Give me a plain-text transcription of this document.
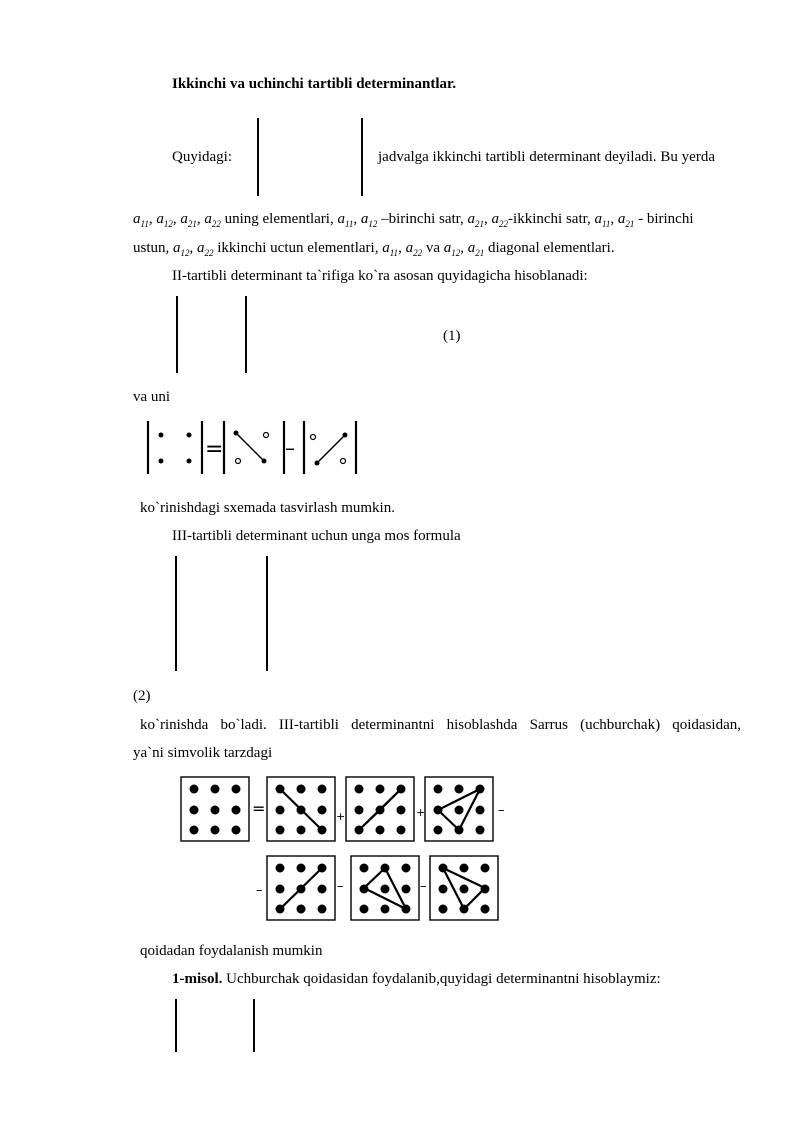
Ikkinchi va uchinchi tartibli determinantlar.
Quyidagi:	jadvalga ikkinchi tartibli determinant deyiladi. Bu yerda
$a_{11}$, $a_{12}$, $a_{21}$, $a_{22}$ uning elementlari, $a_{11}$, $a_{12}$ –birinchi satr, $a_{21}$, $a_{22}$-ikkinchi satr, $a_{11}$, $a_{21}$ - birinchi
ustun, $a_{12}$, $a_{22}$ ikkinchi uctun elementlari, $a_{11}$, $a_{22}$ va $a_{12}$, $a_{21}$ diagonal elementlari.
II-tartibli determinant ta`rifiga ko`ra asosan quyidagicha hisoblanadi:
(1)
va uni
=	–
ko`rinishdagi sxemada tasvirlash mumkin.
III-tartibli determinant uchun unga mos formula
(2)
ko`rinishda bo`ladi. III-tartibli determinantni hisoblashda Sarrus (uchburchak) qoidasidan,
ya`ni simvolik tarzdagi
=	+	+	–
–	–	–
qoidadan foydalanish mumkin
1-misol. Uchburchak qoidasidan foydalanib,quyidagi determinantni hisoblaymiz:
